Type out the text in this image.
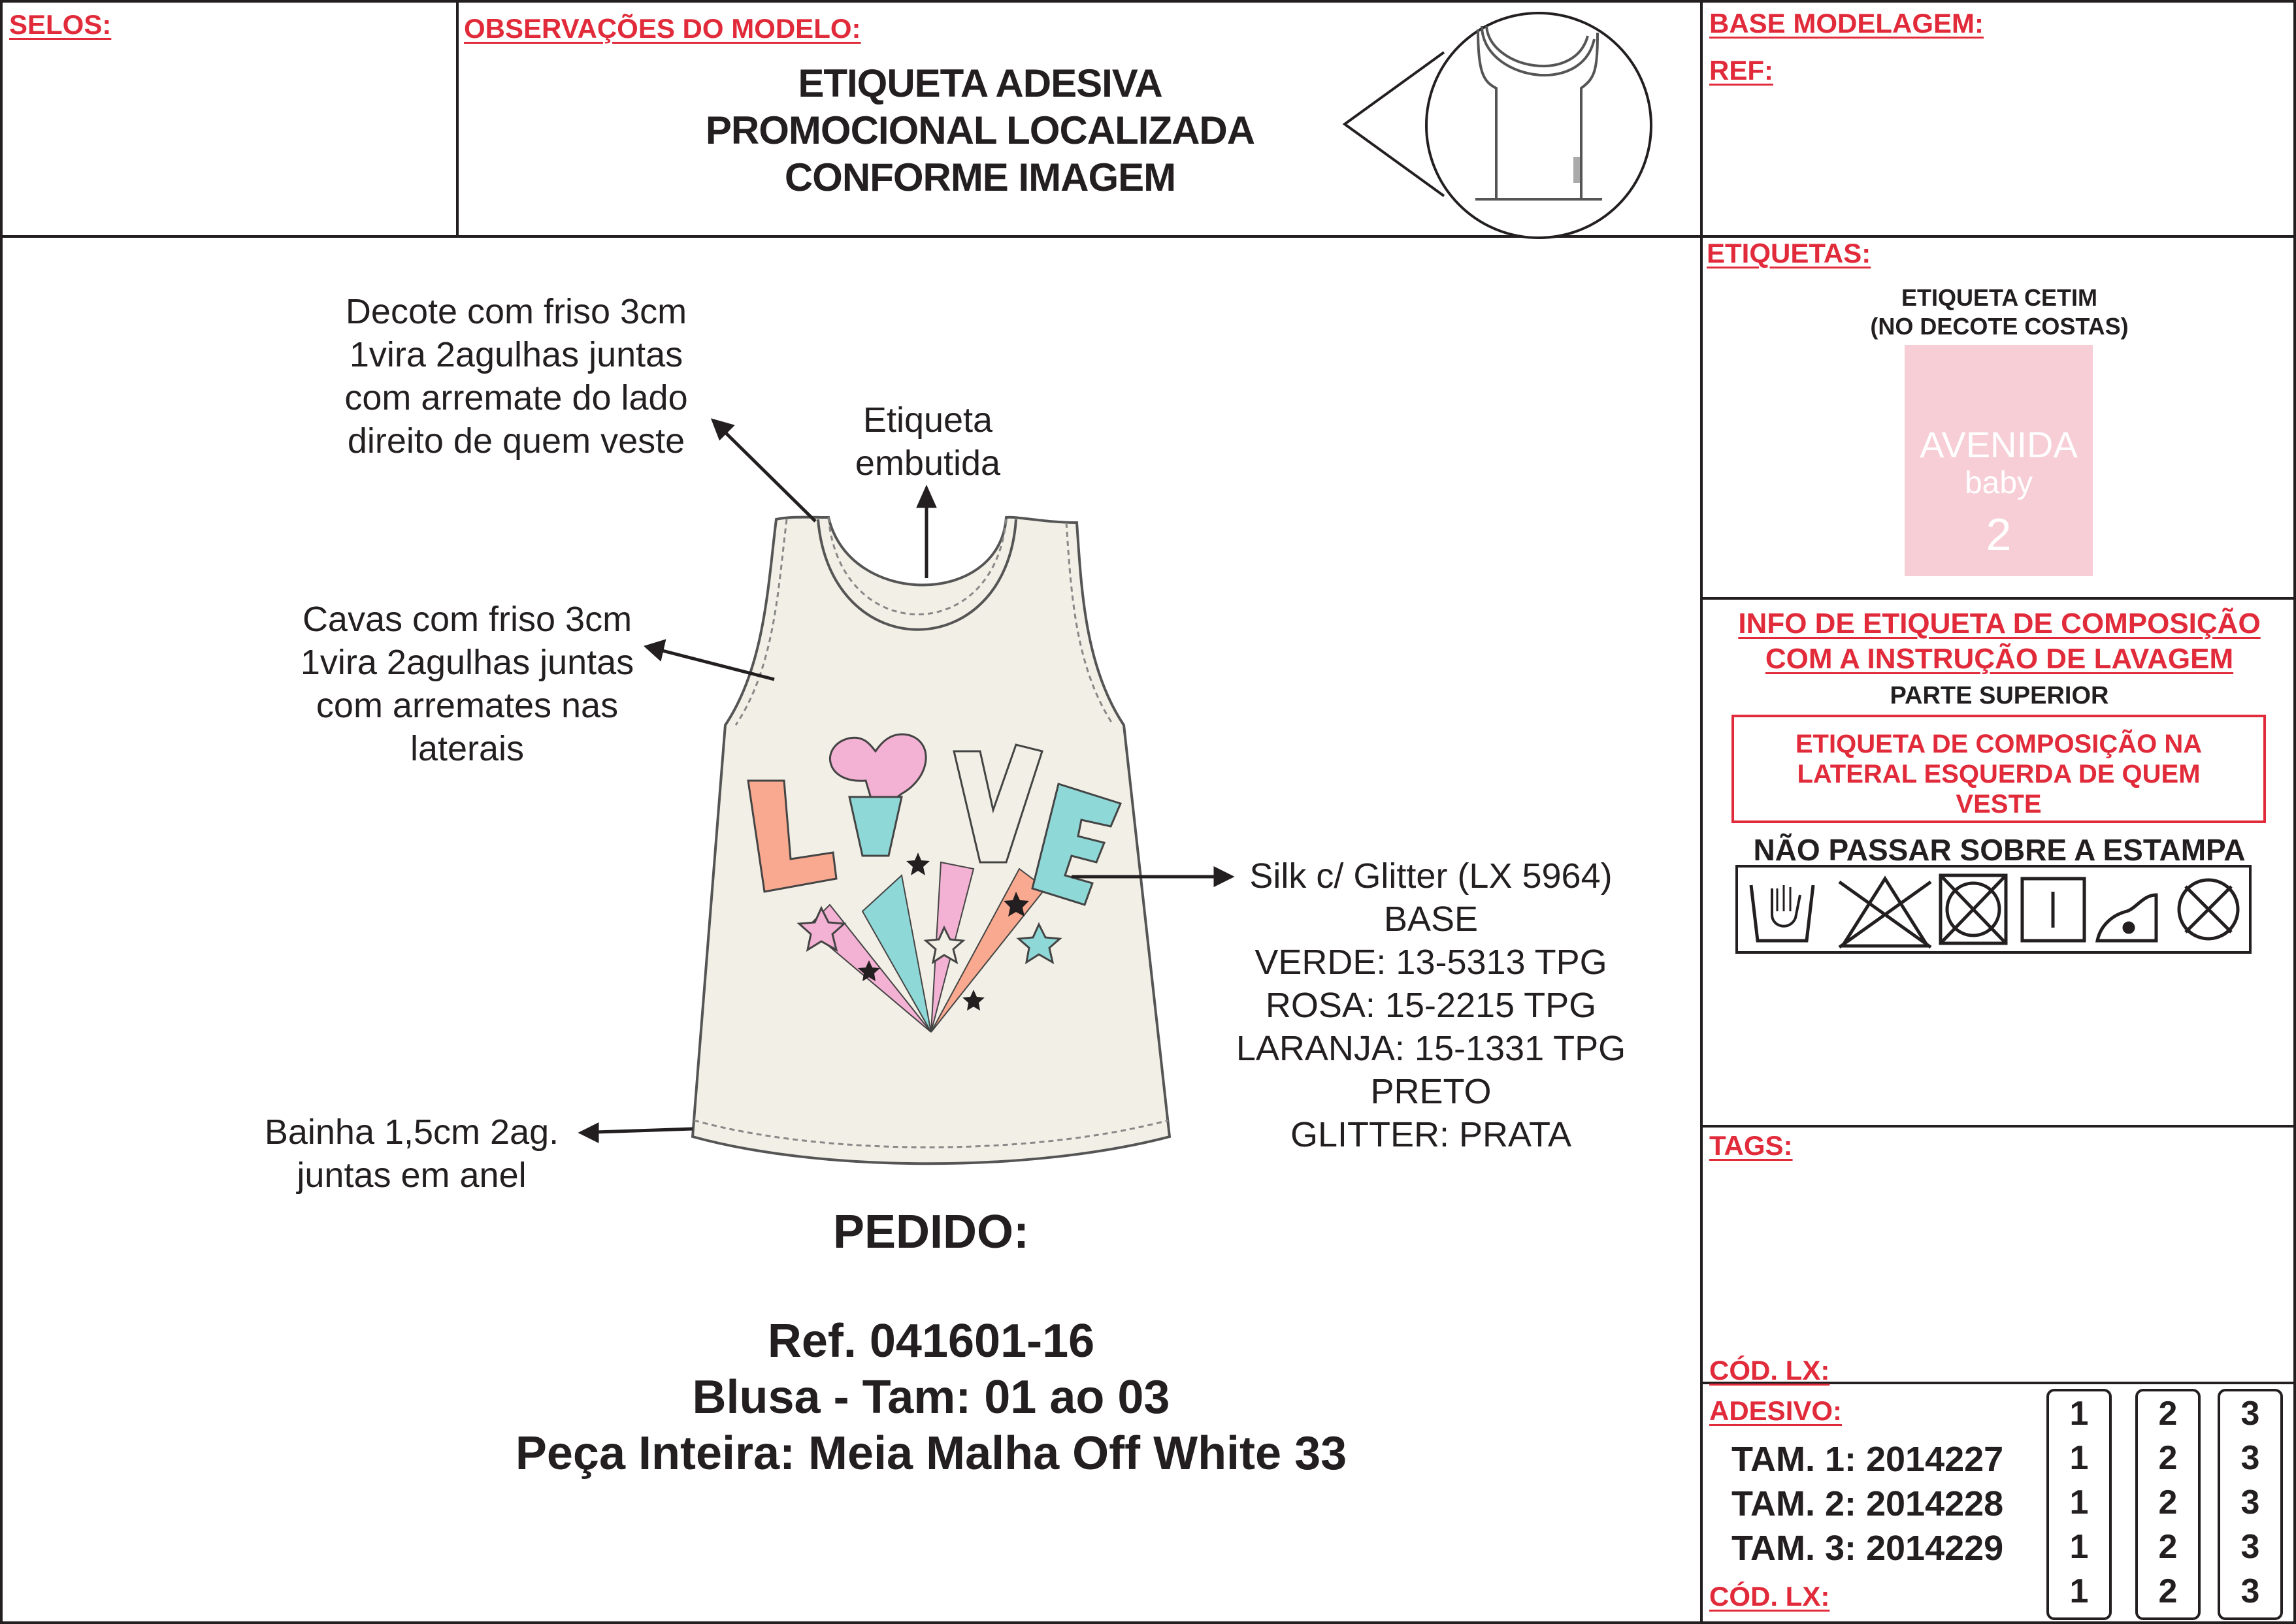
SELOS:	OBSERVAÇÕES DO MODELO:
ETIQUETA ADESIVA
PROMOCIONAL LOCALIZADA
CONFORME IMAGEM
BASE MODELAGEM:
REF:
Decote com friso 3cm
1vira 2agulhas juntas
com arremate do lado
direito de quem veste
Etiqueta
embutida
Cavas com friso 3cm
1vira 2agulhas juntas
com arremates nas
laterais
Bainha 1,5cm 2ag.
juntas em anel
Silk c/ Glitter (LX 5964)
BASE
VERDE: 13-5313 TPG
ROSA: 15-2215 TPG
LARANJA: 15-1331 TPG
PRETO
GLITTER: PRATA
PEDIDO:
Ref. 041601-16
Blusa - Tam: 01 ao 03
Peça Inteira: Meia Malha Off White 33
ETIQUETAS:
ETIQUETA CETIM
(NO DECOTE COSTAS)
AVENIDA
baby
2
INFO DE ETIQUETA DE COMPOSIÇÃO
COM A INSTRUÇÃO DE LAVAGEM
PARTE SUPERIOR
ETIQUETA DE COMPOSIÇÃO NA
LATERAL ESQUERDA DE QUEM
VESTE
NÃO PASSAR SOBRE A ESTAMPA
TAGS:
CÓD. LX:
ADESIVO:
TAM. 1: 2014227
TAM. 2: 2014228
TAM. 3: 2014229
CÓD. LX:
1
1
1
1
1
2
2
2
2
2
3
3
3
3
3
